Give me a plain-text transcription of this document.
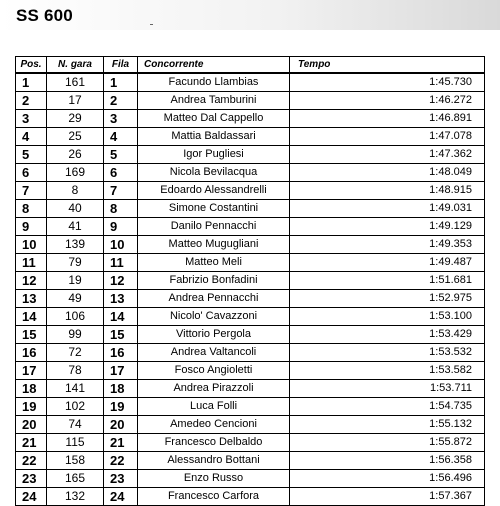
SS 600
Pos.	N. gara	Fila	Concorrente	Tempo
1	161	1	Facundo Llambias	1:45.730
2	17	2	Andrea Tamburini	1:46.272
3	29	3	Matteo Dal Cappello	1:46.891
4	25	4	Mattia Baldassari	1:47.078
5	26	5	Igor Pugliesi	1:47.362
6	169	6	Nicola Bevilacqua	1:48.049
7	8	7	Edoardo Alessandrelli	1:48.915
8	40	8	Simone Costantini	1:49.031
9	41	9	Danilo Pennacchi	1:49.129
10	139	10	Matteo Mugugliani	1:49.353
11	79	11	Matteo Meli	1:49.487
12	19	12	Fabrizio Bonfadini	1:51.681
13	49	13	Andrea Pennacchi	1:52.975
14	106	14	Nicolo' Cavazzoni	1:53.100
15	99	15	Vittorio Pergola	1:53.429
16	72	16	Andrea Valtancoli	1:53.532
17	78	17	Fosco Angioletti	1:53.582
18	141	18	Andrea Pirazzoli	1:53.711
19	102	19	Luca Folli	1:54.735
20	74	20	Amedeo Cencioni	1:55.132
21	115	21	Francesco Delbaldo	1:55.872
22	158	22	Alessandro Bottani	1:56.358
23	165	23	Enzo Russo	1:56.496
24	132	24	Francesco Carfora	1:57.367
